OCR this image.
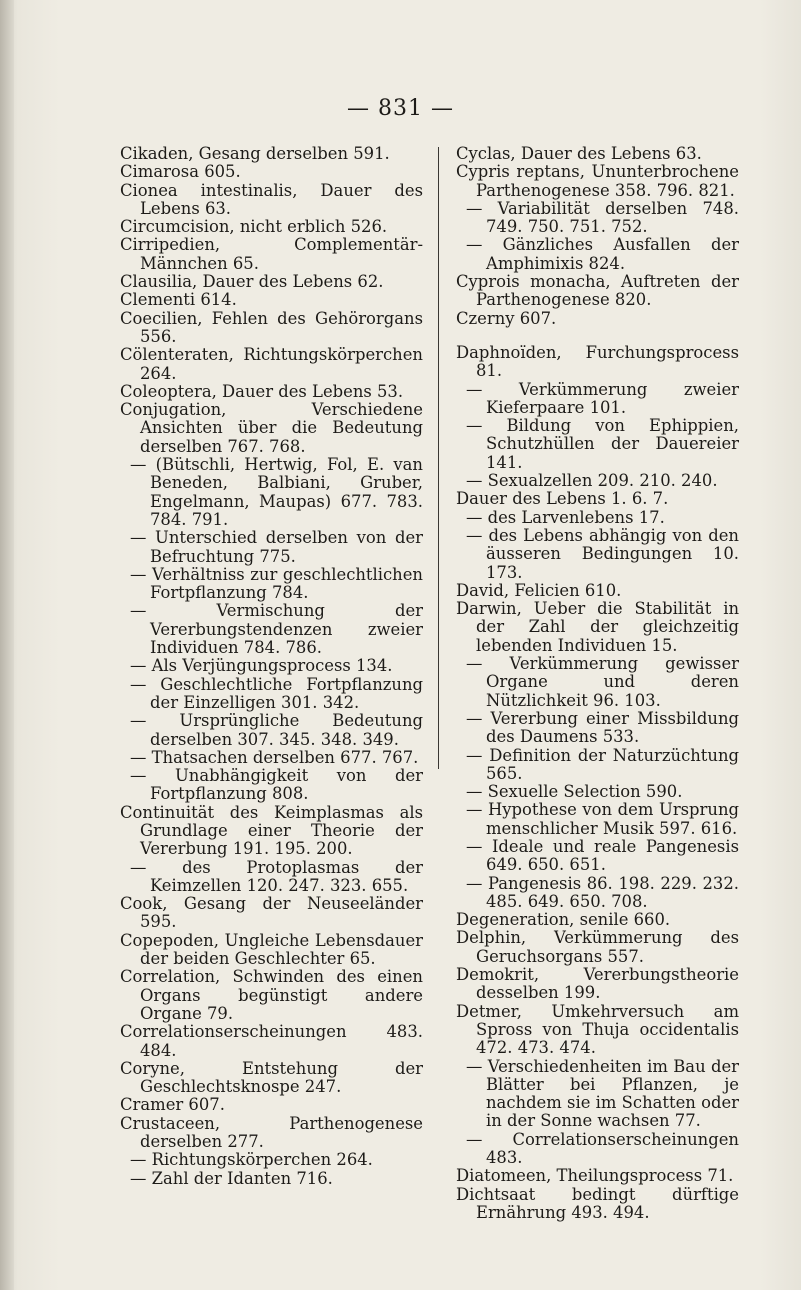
— 831 —

Cikaden, Gesang derselben 591.

Cimarosa 605.

Cionea intestinalis, Dauer des Lebens 63.

Circumcision, nicht erblich 526.

Cirripedien, Complementär-Männchen 65.

Clausilia, Dauer des Lebens 62.

Clementi 614.

Coecilien, Fehlen des Gehörorgans 556.

Cölenteraten, Richtungskörperchen 264.

Coleoptera, Dauer des Lebens 53.

Conjugation, Verschiedene Ansichten über die Bedeutung derselben 767. 768.

— (Bütschli, Hertwig, Fol, E. van Beneden, Balbiani, Gruber, Engelmann, Maupas) 677. 783. 784. 791.

— Unterschied derselben von der Befruchtung 775.

— Verhältniss zur geschlechtlichen Fortpflanzung 784.

— Vermischung der Vererbungstendenzen zweier Individuen 784. 786.

— Als Verjüngungsprocess 134.

— Geschlechtliche Fortpflanzung der Einzelligen 301. 342.

— Ursprüngliche Bedeutung derselben 307. 345. 348. 349.

— Thatsachen derselben 677. 767.

— Unabhängigkeit von der Fortpflanzung 808.

Continuität des Keimplasmas als Grundlage einer Theorie der Vererbung 191. 195. 200.

— des Protoplasmas der Keimzellen 120. 247. 323. 655.

Cook, Gesang der Neuseeländer 595.

Copepoden, Ungleiche Lebensdauer der beiden Geschlechter 65.

Correlation, Schwinden des einen Organs begünstigt andere Organe 79.

Correlationserscheinungen 483. 484.

Coryne, Entstehung der Geschlechtsknospe 247.

Cramer 607.

Crustaceen, Parthenogenese derselben 277.

— Richtungskörperchen 264.

— Zahl der Idanten 716.

Cyclas, Dauer des Lebens 63.

Cypris reptans, Ununterbrochene Parthenogenese 358. 796. 821.

— Variabilität derselben 748. 749. 750. 751. 752.

— Gänzliches Ausfallen der Amphimixis 824.

Cyprois monacha, Auftreten der Parthenogenese 820.

Czerny 607.

Daphnoïden, Furchungsprocess 81.

— Verkümmerung zweier Kieferpaare 101.

— Bildung von Ephippien, Schutzhüllen der Dauereier 141.

— Sexualzellen 209. 210. 240.

Dauer des Lebens 1. 6. 7.

— des Larvenlebens 17.

— des Lebens abhängig von den äusseren Bedingungen 10. 173.

David, Felicien 610.

Darwin, Ueber die Stabilität in der Zahl der gleichzeitig lebenden Individuen 15.

— Verkümmerung gewisser Organe und deren Nützlichkeit 96. 103.

— Vererbung einer Missbildung des Daumens 533.

— Definition der Naturzüchtung 565.

— Sexuelle Selection 590.

— Hypothese von dem Ursprung menschlicher Musik 597. 616.

— Ideale und reale Pangenesis 649. 650. 651.

— Pangenesis 86. 198. 229. 232. 485. 649. 650. 708.

Degeneration, senile 660.

Delphin, Verkümmerung des Geruchsorgans 557.

Demokrit, Vererbungstheorie desselben 199.

Detmer, Umkehrversuch am Spross von Thuja occidentalis 472. 473. 474.

— Verschiedenheiten im Bau der Blätter bei Pflanzen, je nachdem sie im Schatten oder in der Sonne wachsen 77.

— Correlationserscheinungen 483.

Diatomeen, Theilungsprocess 71.

Dichtsaat bedingt dürftige Ernährung 493. 494.
